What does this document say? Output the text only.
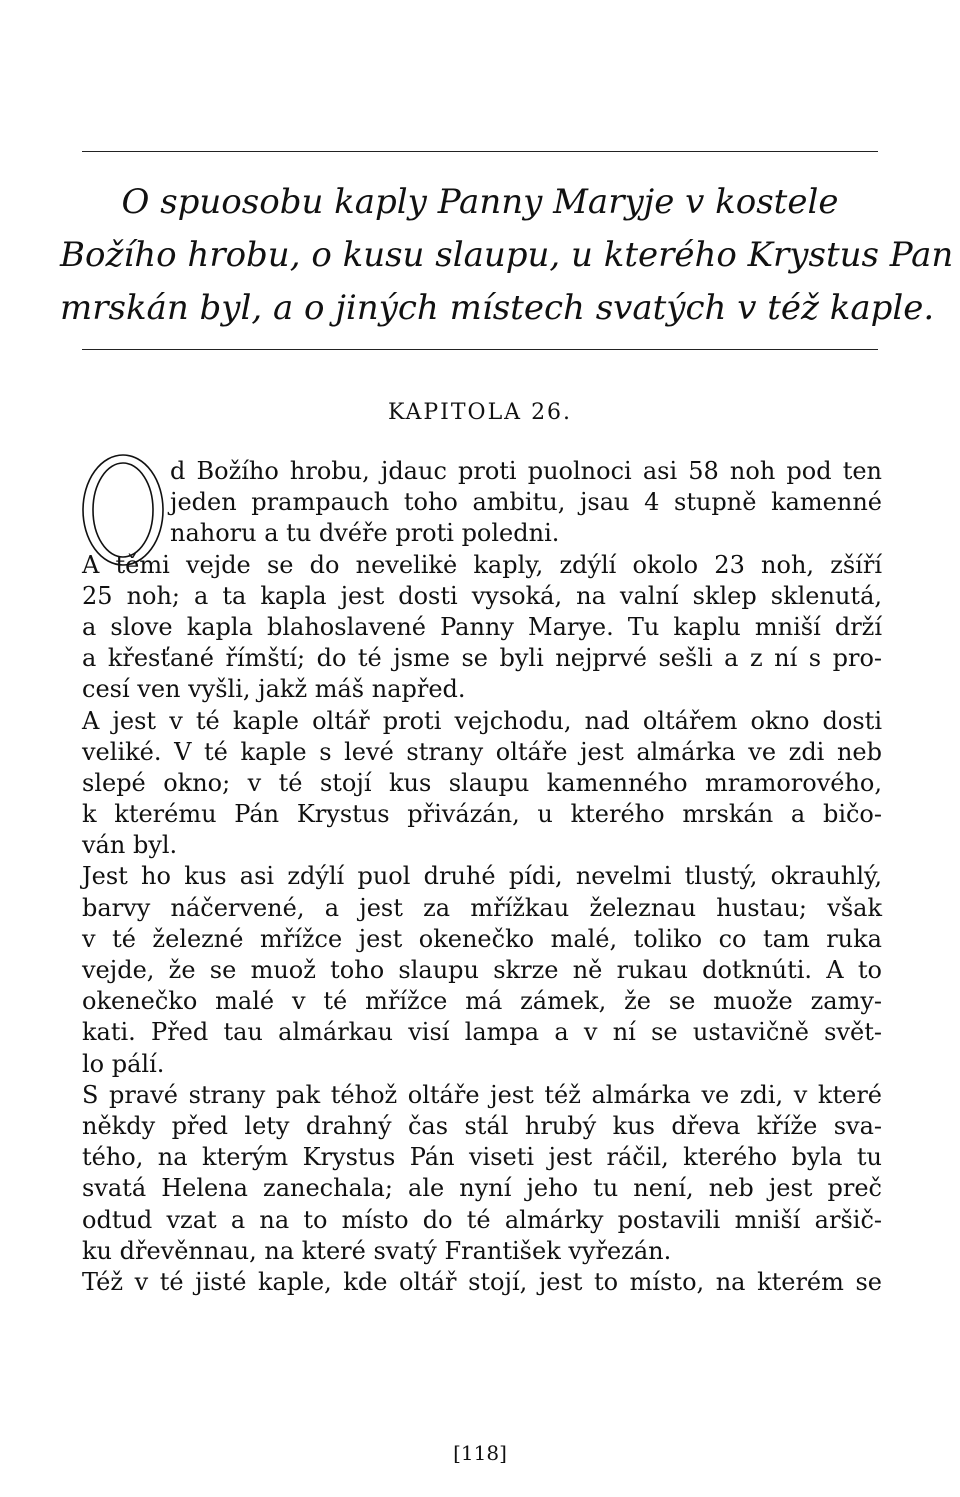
O spuosobu kaply Panny Maryje v kostele
Božího hrobu, o kusu slaupu, u kterého Krystus Pan
mrskán byl, a o jiných místech svatých v též kaple.
KAPITOLA 26.
d Božího hrobu, jdauc proti puolnoci asi 58 noh pod ten
jeden prampauch toho ambitu, jsau 4 stupně kamenné
nahoru a tu dvéře proti poledni.
A těmi vejde se do nevelikė kaply, zdýlí okolo 23 noh, zšíří
25 noh; a ta kapla jest dosti vysoká, na valní sklep sklenutá,
a slove kapla blahoslavené Panny Marye. Tu kaplu mniší drží
a křesťané římští; do té jsme se byli nejprvé sešli a z ní s pro-
cesí ven vyšli, jakž máš napřed.
A jest v té kaple oltář proti vejchodu, nad oltářem okno dosti
veliké. V té kaple s levé strany oltáře jest almárka ve zdi neb
slepé okno; v té stojí kus slaupu kamenného mramorového,
k kterému Pán Krystus přivázán, u kterého mrskán a bičo-
ván byl.
Jest ho kus asi zdýlí puol druhé pídi, nevelmi tlustý, okrauhlý,
barvy náčervené, a jest za mřížkau železnau hustau; však
v té železné mřížce jest okenečko malé, toliko co tam ruka
vejde, že se muož toho slaupu skrze ně rukau dotknúti. A to
okenečko malé v té mřížce má zámek, že se muože zamy-
kati. Před tau almárkau visí lampa a v ní se ustavičně svět-
lo pálí.
S pravé strany pak téhož oltáře jest též almárka ve zdi, v které
někdy před lety drahný čas stál hrubý kus dřeva kříže sva-
tého, na kterým Krystus Pán viseti jest ráčil, kterého byla tu
svatá Helena zanechala; ale nyní jeho tu není, neb jest preč
odtud vzat a na to místo do té almárky postavili mniší aršič-
ku dřevěnnau, na které svatý František vyřezán.
Též v té jisté kaple, kde oltář stojí, jest to místo, na kterém se
[118]
